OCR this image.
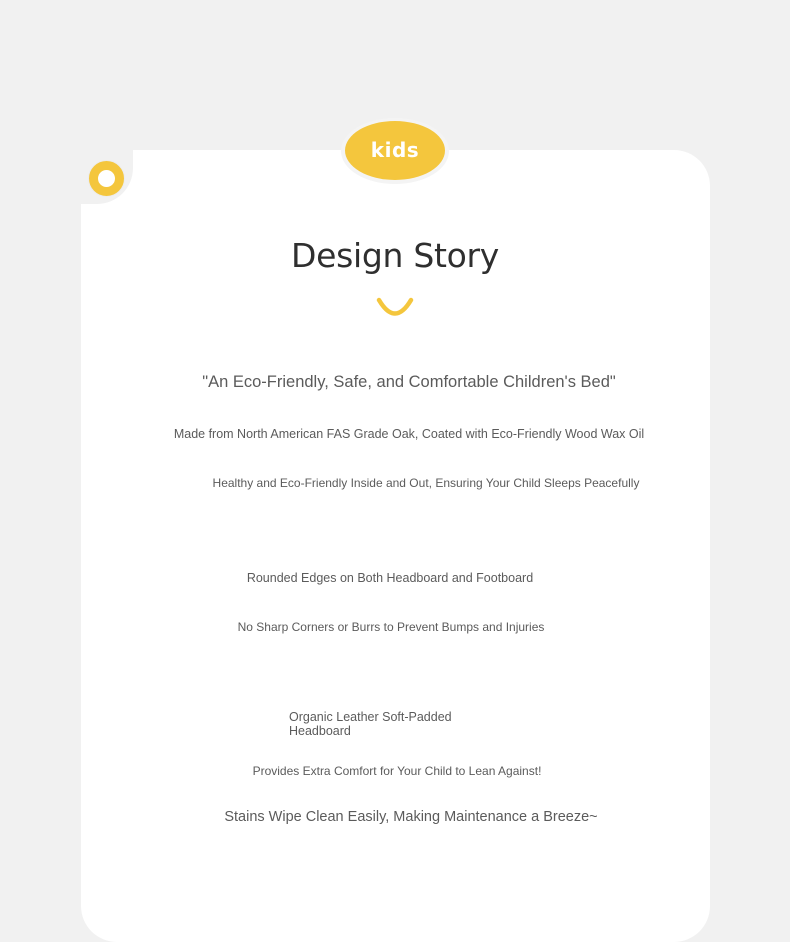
kids
Design Story
"An Eco-Friendly, Safe, and Comfortable Children's Bed"
Made from North American FAS Grade Oak, Coated with Eco-Friendly Wood Wax Oil
Healthy and Eco-Friendly Inside and Out, Ensuring Your Child Sleeps Peacefully
Rounded Edges on Both Headboard and Footboard
No Sharp Corners or Burrs to Prevent Bumps and Injuries
Organic Leather Soft-Padded Headboard
Provides Extra Comfort for Your Child to Lean Against!
Stains Wipe Clean Easily, Making Maintenance a Breeze~
